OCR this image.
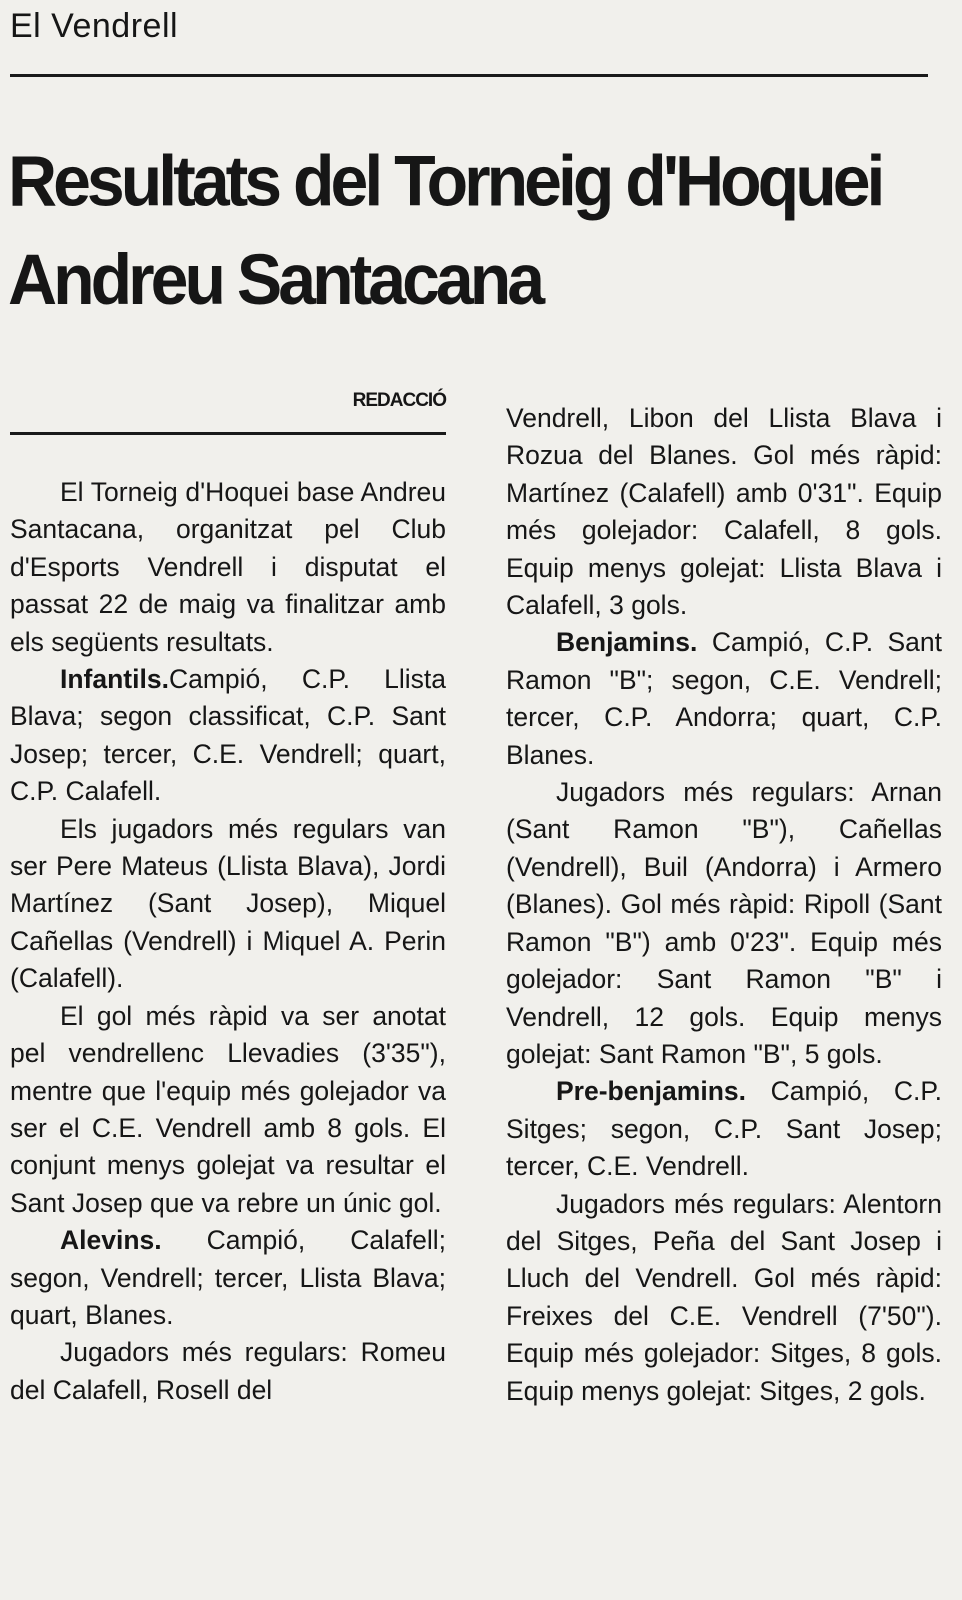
El Vendrell
Resultats del Torneig d'Hoquei
Andreu Santacana
REDACCIÓ

El Torneig d'Hoquei base Andreu Santacana, organitzat pel Club d'Esports Vendrell i disputat el passat 22 de maig va finalitzar amb els següents resultats.

Infantils.Campió, C.P. Llista Blava; segon classificat, C.P. Sant Josep; tercer, C.E. Vendrell; quart, C.P. Calafell.

Els jugadors més regulars van ser Pere Mateus (Llista Blava), Jordi Martínez (Sant Josep), Miquel Cañellas (Vendrell) i Miquel A. Perin (Calafell).

El gol més ràpid va ser anotat pel vendrellenc Llevadies (3'35"), mentre que l'equip més golejador va ser el C.E. Vendrell amb 8 gols. El conjunt menys golejat va resultar el Sant Josep que va rebre un únic gol.

Alevins. Campió, Calafell; segon, Vendrell; tercer, Llista Blava; quart, Blanes.

Jugadors més regulars: Romeu del Calafell, Rosell del

Vendrell, Libon del Llista Blava i Rozua del Blanes. Gol més ràpid: Martínez (Calafell) amb 0'31". Equip més golejador: Calafell, 8 gols. Equip menys golejat: Llista Blava i Calafell, 3 gols.

Benjamins. Campió, C.P. Sant Ramon "B"; segon, C.E. Vendrell; tercer, C.P. Andorra; quart, C.P. Blanes.

Jugadors més regulars: Arnan (Sant Ramon "B"), Cañellas (Vendrell), Buil (Andorra) i Armero (Blanes). Gol més ràpid: Ripoll (Sant Ramon "B") amb 0'23". Equip més golejador: Sant Ramon "B" i Vendrell, 12 gols. Equip menys golejat: Sant Ramon "B", 5 gols.

Pre-benjamins. Campió, C.P. Sitges; segon, C.P. Sant Josep; tercer, C.E. Vendrell.

Jugadors més regulars: Alentorn del Sitges, Peña del Sant Josep i Lluch del Vendrell. Gol més ràpid: Freixes del C.E. Vendrell (7'50"). Equip més golejador: Sitges, 8 gols. Equip menys golejat: Sitges, 2 gols.
